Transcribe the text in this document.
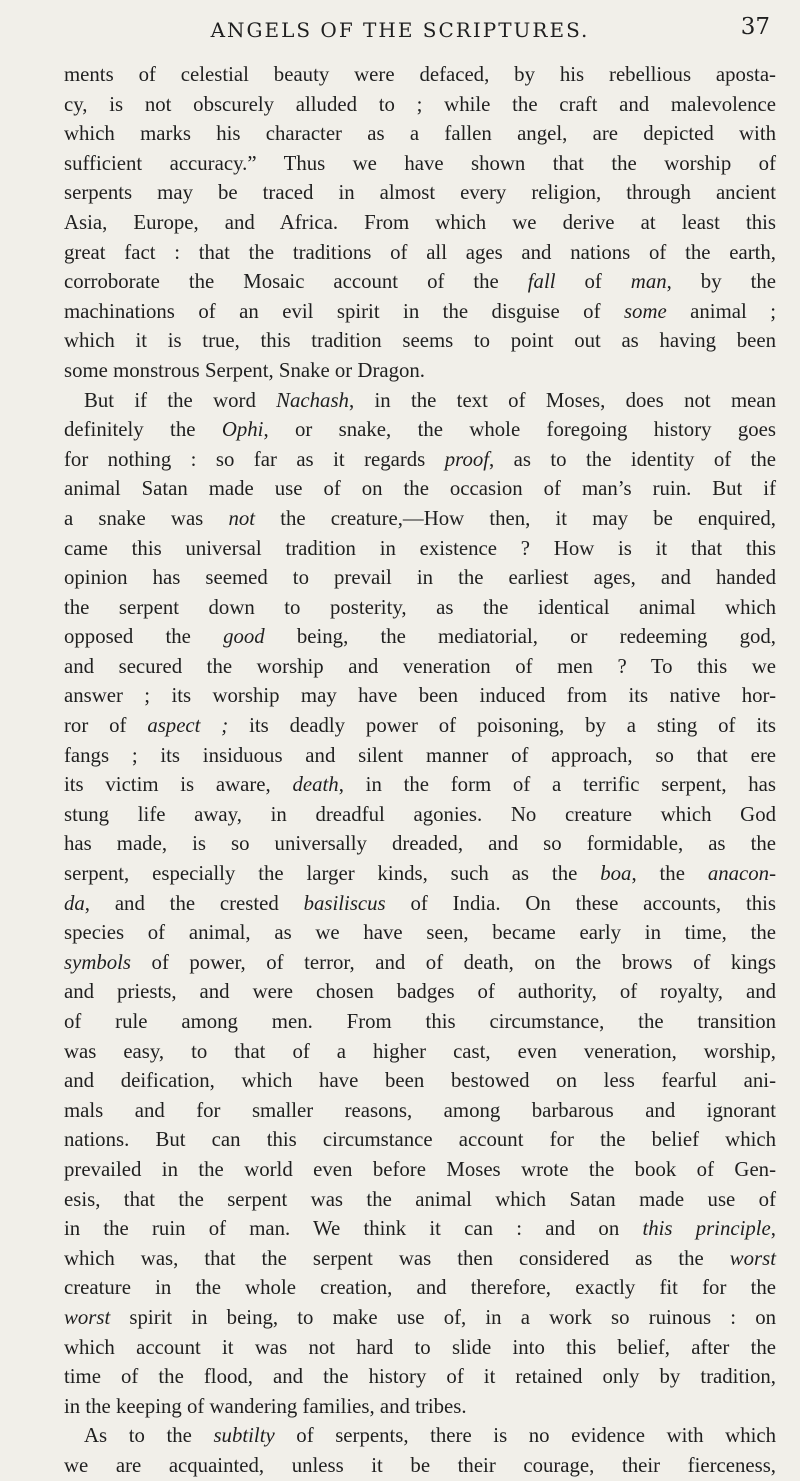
ANGELS OF THE SCRIPTURES.	37
ments of celestial beauty were defaced, by his rebellious aposta-
cy, is not obscurely alluded to ; while the craft and malevolence
which marks his character as a fallen angel, are depicted with
sufficient accuracy.” Thus we have shown that the worship of
serpents may be traced in almost every religion, through ancient
Asia, Europe, and Africa. From which we derive at least this
great fact : that the traditions of all ages and nations of the earth,
corroborate the Mosaic account of the fall of man, by the
machinations of an evil spirit in the disguise of some animal ;
which it is true, this tradition seems to point out as having been
some monstrous Serpent, Snake or Dragon.
But if the word Nachash, in the text of Moses, does not mean
definitely the Ophi, or snake, the whole foregoing history goes
for nothing : so far as it regards proof, as to the identity of the
animal Satan made use of on the occasion of man’s ruin. But if
a snake was not the creature,—How then, it may be enquired,
came this universal tradition in existence ? How is it that this
opinion has seemed to prevail in the earliest ages, and handed
the serpent down to posterity, as the identical animal which
opposed the good being, the mediatorial, or redeeming god,
and secured the worship and veneration of men ? To this we
answer ; its worship may have been induced from its native hor-
ror of aspect ; its deadly power of poisoning, by a sting of its
fangs ; its insiduous and silent manner of approach, so that ere
its victim is aware, death, in the form of a terrific serpent, has
stung life away, in dreadful agonies. No creature which God
has made, is so universally dreaded, and so formidable, as the
serpent, especially the larger kinds, such as the boa, the anacon-
da, and the crested basiliscus of India. On these accounts, this
species of animal, as we have seen, became early in time, the
symbols of power, of terror, and of death, on the brows of kings
and priests, and were chosen badges of authority, of royalty, and
of rule among men. From this circumstance, the transition
was easy, to that of a higher cast, even veneration, worship,
and deification, which have been bestowed on less fearful ani-
mals and for smaller reasons, among barbarous and ignorant
nations. But can this circumstance account for the belief which
prevailed in the world even before Moses wrote the book of Gen-
esis, that the serpent was the animal which Satan made use of
in the ruin of man. We think it can : and on this principle,
which was, that the serpent was then considered as the worst
creature in the whole creation, and therefore, exactly fit for the
worst spirit in being, to make use of, in a work so ruinous : on
which account it was not hard to slide into this belief, after the
time of the flood, and the history of it retained only by tradition,
in the keeping of wandering families, and tribes.
As to the subtilty of serpents, there is no evidence with which
we are acquainted, unless it be their courage, their fierceness,
